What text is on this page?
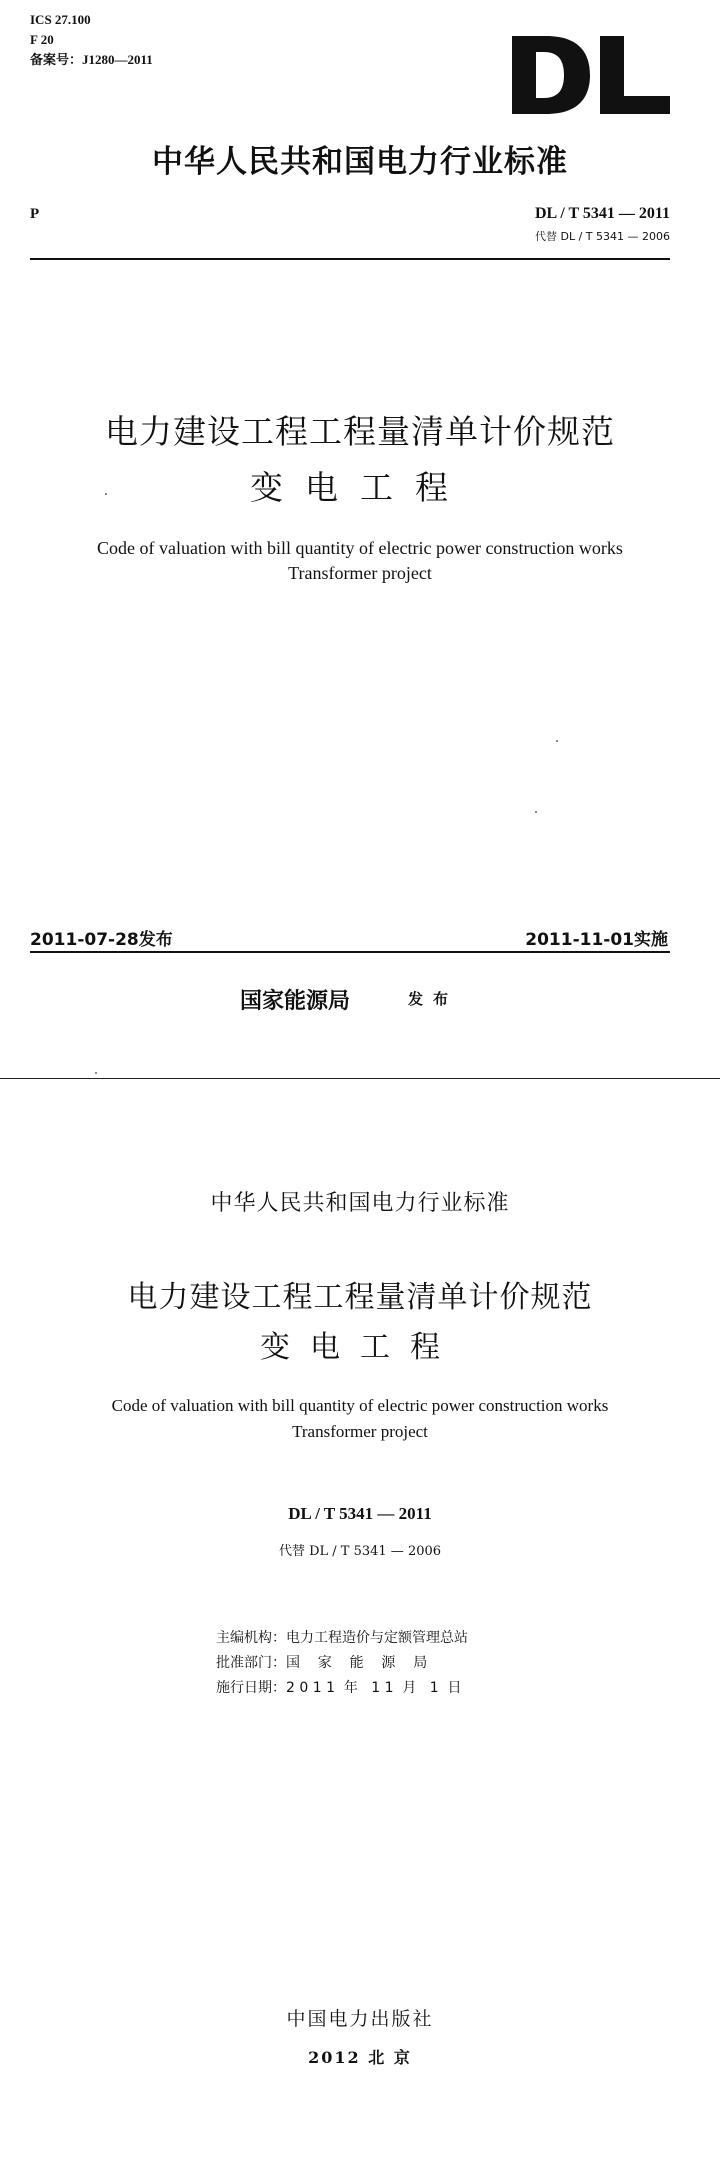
ICS 27.100
F 20
备案号：J1280—2011
中华人民共和国电力行业标准
P	DL / T 5341 — 2011
代替 DL / T 5341 — 2006
电力建设工程工程量清单计价规范
变电工程
Code of valuation with bill quantity of electric power construction works
Transformer project
2011-07-28发布	2011-11-01实施
国家能源局	发布
中华人民共和国电力行业标准
电力建设工程工程量清单计价规范
变电工程
Code of valuation with bill quantity of electric power construction works
Transformer project
DL / T 5341 — 2011
代替 DL / T 5341 — 2006
主编机构：电力工程造价与定额管理总站
批准部门：国    家    能    源    局
施行日期：2 0 1 1  年   1 1  月   1  日
中国电力出版社
2012 北 京
